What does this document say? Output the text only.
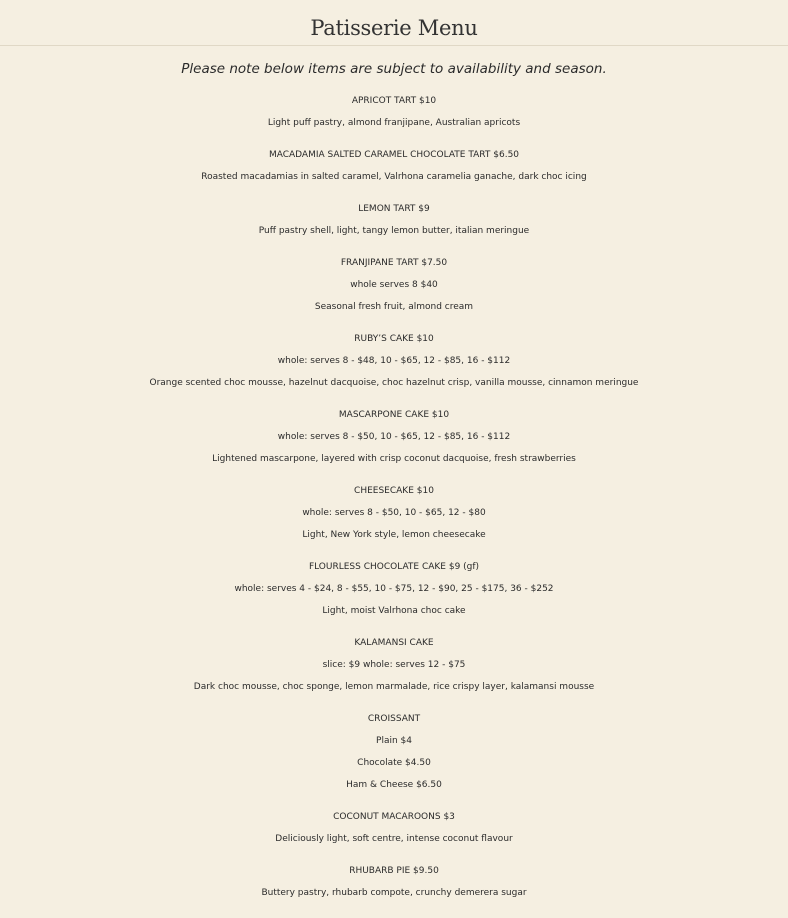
Patisserie Menu
Please note below items are subject to availability and season.
APRICOT TART $10
Light puff pastry, almond franjipane, Australian apricots
MACADAMIA SALTED CARAMEL CHOCOLATE TART $6.50
Roasted macadamias in salted caramel, Valrhona caramelia ganache, dark choc icing
LEMON TART $9
Puff pastry shell, light, tangy lemon butter, italian meringue
FRANJIPANE TART $7.50
whole serves 8 $40
Seasonal fresh fruit, almond cream
RUBY’S CAKE $10
whole: serves 8 - $48, 10 - $65, 12 - $85, 16 - $112
Orange scented choc mousse, hazelnut dacquoise, choc hazelnut crisp, vanilla mousse, cinnamon meringue
MASCARPONE CAKE $10
whole: serves 8 - $50, 10 - $65, 12 - $85, 16 - $112
Lightened mascarpone, layered with crisp coconut dacquoise, fresh strawberries
CHEESECAKE $10
whole: serves 8 - $50, 10 - $65, 12 - $80
Light, New York style, lemon cheesecake
FLOURLESS CHOCOLATE CAKE $9 (gf)
whole: serves 4 - $24, 8 - $55, 10 - $75, 12 - $90, 25 - $175, 36 - $252
Light, moist Valrhona choc cake
KALAMANSI CAKE
slice: $9 whole: serves 12 - $75
Dark choc mousse, choc sponge, lemon marmalade, rice crispy layer, kalamansi mousse
CROISSANT
Plain $4
Chocolate $4.50
Ham & Cheese $6.50
COCONUT MACAROONS $3
Deliciously light, soft centre, intense coconut flavour
RHUBARB PIE $9.50
Buttery pastry, rhubarb compote, crunchy demerera sugar
